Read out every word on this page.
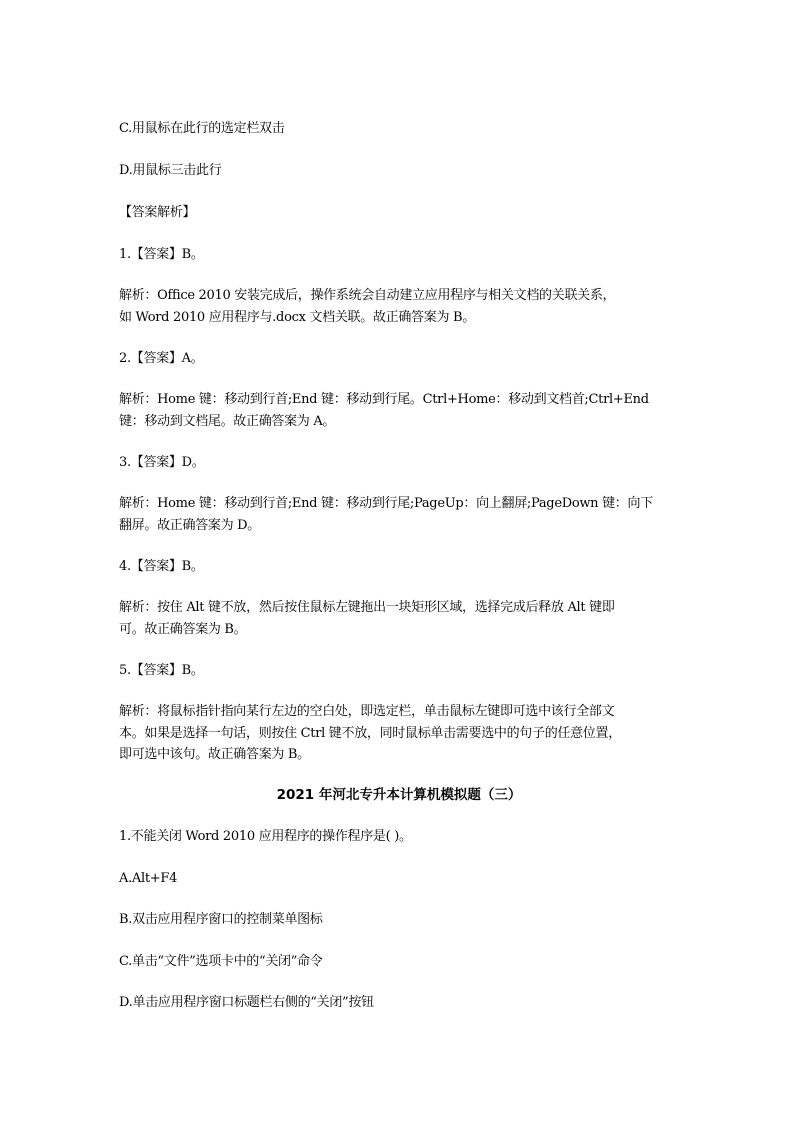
C.用鼠标在此行的选定栏双击
D.用鼠标三击此行
【答案解析】
1.【答案】B。
解析：Office 2010 安装完成后，操作系统会自动建立应用程序与相关文档的关联关系，
如 Word 2010 应用程序与.docx 文档关联。故正确答案为 B。
2.【答案】A。
解析：Home 键：移动到行首;End 键：移动到行尾。Ctrl+Home：移动到文档首;Ctrl+End
键：移动到文档尾。故正确答案为 A。
3.【答案】D。
解析：Home 键：移动到行首;End 键：移动到行尾;PageUp：向上翻屏;PageDown 键：向下
翻屏。故正确答案为 D。
4.【答案】B。
解析：按住 Alt 键不放，然后按住鼠标左键拖出一块矩形区域，选择完成后释放 Alt 键即
可。故正确答案为 B。
5.【答案】B。
解析：将鼠标指针指向某行左边的空白处，即选定栏，单击鼠标左键即可选中该行全部文
本。如果是选择一句话，则按住 Ctrl 键不放，同时鼠标单击需要选中的句子的任意位置，
即可选中该句。故正确答案为 B。
2021 年河北专升本计算机模拟题（三）
1.不能关闭 Word 2010 应用程序的操作程序是( )。
A.Alt+F4
B.双击应用程序窗口的控制菜单图标
C.单击“文件”选项卡中的“关闭”命令
D.单击应用程序窗口标题栏右侧的“关闭”按钮
